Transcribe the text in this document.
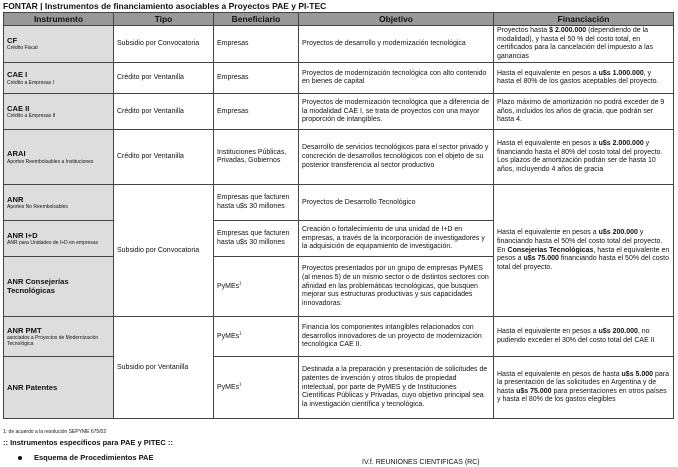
FONTAR | Instrumentos de financiamiento asociables a Proyectos PAE y PI-TEC
Instrumento	Tipo	Beneficiario	Objetivo	Financiación

CF
Crédito Fiscal	Subsidio por Convocatoria	Empresas	Proyectos de desarrollo y modernización tecnológica	Proyectos hasta $ 2.000.000 (dependiendo de la modalidad), y hasta el 50 % del costo total, en certificados para la cancelación del impuesto a las ganancias

CAE I
Crédito a Empresas I	Crédito por Ventanilla	Empresas	Proyectos de modernización tecnológica con alto contenido en bienes de capital	Hasta el equivalente en pesos a u$s 1.000.000, y hasta el 80% de los gastos aceptables del proyecto.

CAE II
Crédito a Empresas II	Crédito por Ventanilla	Empresas	Proyectos de modernización tecnológica que a diferencia de la modalidad CAE I, se trata de proyectos con una mayor proporción de intangibles.	Plazo máximo de amortización no podrá exceder de 9 años, incluidos los años de gracia, que podrán ser hasta 4.

ARAI
Aportes Reembolsables a Instituciones	Crédito por Ventanilla	Instituciones Públicas, Privadas, Gobiernos	Desarrollo de servicios tecnológicos para el sector privado y concreción de desarrollos tecnológicos con el objeto de su posterior transferencia al sector productivo	Hasta el equivalente en pesos a u$s 2.000.000 y financiando hasta el 80% del costo total del proyecto. Los plazos de amortización podrán ser de hasta 10 años, incluyendo 4 años de gracia

ANR
Aportes No Reembolsables	Subsidio por Convocatoria	Empresas que facturen hasta u$s 30 millones	Proyectos de Desarrollo Tecnológico	Hasta el equivalente en pesos a u$s 200.000 y financiando hasta el 50% del costo total del proyecto. En Consejerías Tecnológicas, hasta el equivalente en pesos a u$s 75.000 financiando hasta el 50% del costo total del proyecto.

ANR I+D
ANR para Unidades de I+D en empresas		Empresas que facturen hasta u$s 30 millones	Creación o fortalecimiento de una unidad de I+D en empresas, a través de la incorporación de investigadores y la adquisición de equipamiento de investigación.	

ANR Consejerías Tecnológicas		PyMEs$^1$	Proyectos presentados por un grupo de empresas PyMES (al menos 5) de un mismo sector o de distintos sectores con afinidad en las problemáticas tecnológicas, que busquen mejorar sus estructuras productivas y sus capacidades innovadoras.	

ANR PMT
asociados a Proyectos de Modernización Tecnológica	Subsidio por Ventanilla	PyMEs$^1$	Financia los componentes intangibles relacionados con desarrollos innovadores de un proyecto de modernización tecnológica CAE II.	Hasta el equivalente en pesos a u$s 200.000, no pudiendo exceder el 30% del costo total del CAE II

ANR Patentes		PyMEs$^1$	Destinada a la preparación y presentación de solicitudes de patentes de invención y otros títulos de propiedad intelectual, por parte de PyMES y de Instituciones Científicas Públicas y Privadas, cuyo objetivo principal sea la investigación científica y tecnológica.	Hasta el equivalente en pesos de hasta u$s 5.000 para la presentación de las solicitudes en Argentina y de hasta u$s 75.000 para presentaciones en otros países y hasta el 80% de los gastos elegibles
1: de acuerdo a la resolución SEPYME 675/02
:: Instrumentos específicos para PAE y PITEC ::
Esquema de Procedimientos PAE
IV.f. REUNIONES CIENTIFICAS (RC)
